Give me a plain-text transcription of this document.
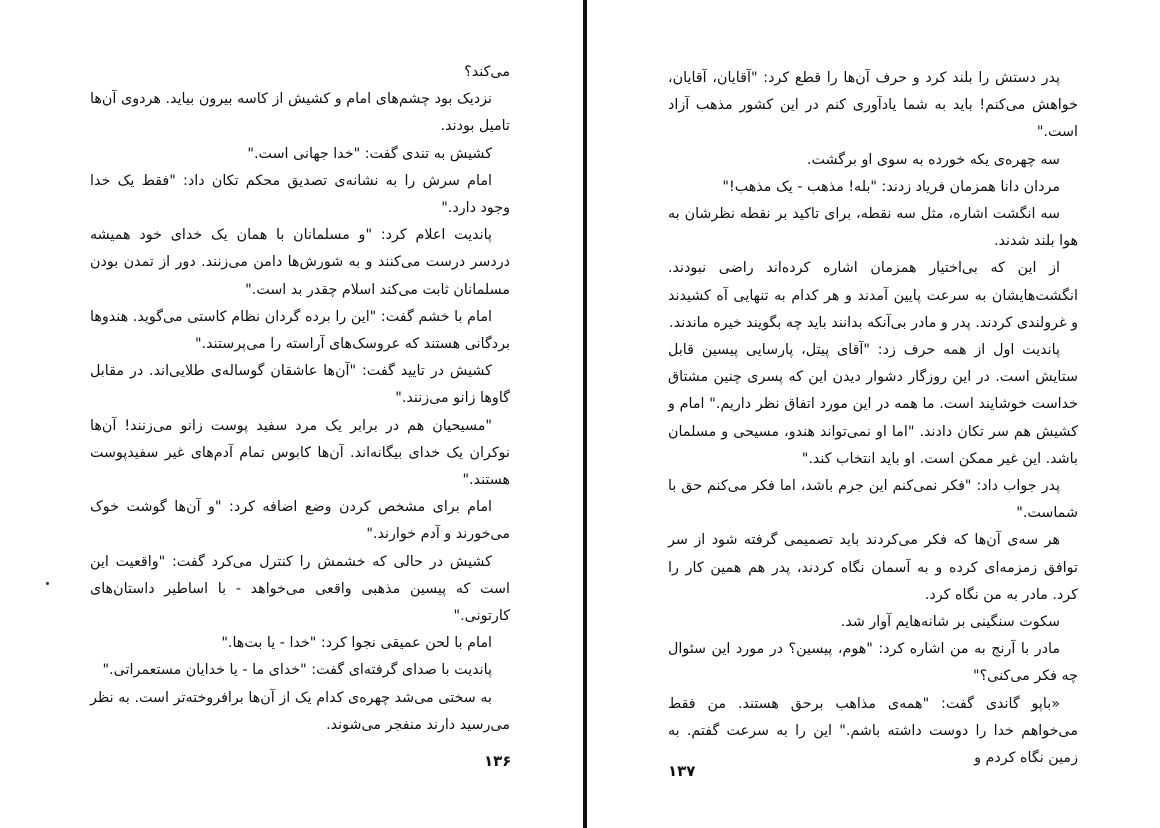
می‌کند؟

نزدیک بود چشم‌های امام و کشیش از کاسه بیرون بیاید. هردوی آن‌ها تامیل بودند.

کشیش به تندی گفت: "خدا جهانی است."

امام سرش را به نشانه‌ی تصدیق محکم تکان داد: "فقط یک خدا وجود دارد."

پاندیت اعلام کرد: "و مسلمانان با همان یک خدای خود همیشه دردسر درست می‌کنند و به شورش‌ها دامن می‌زنند. دور از تمدن بودن مسلمانان ثابت می‌کند اسلام چقدر بد است."

امام با خشم گفت: "این را برده گردان نظام کاستی می‌گوید. هندوها بردگانی هستند که عروسک‌های آراسته را می‌پرستند."

کشیش در تایید گفت: "آن‌ها عاشقان گوساله‌ی طلایی‌اند. در مقابل گاوها زانو می‌زنند."

"مسیحیان هم در برابر یک مرد سفید پوست زانو می‌زنند! آن‌ها نوکران یک خدای بیگانه‌اند. آن‌ها کابوس تمام آدم‌های غیر سفیدپوست هستند."

امام برای مشخص کردن وضع اضافه کرد: "و آن‌ها گوشت خوک می‌خورند و آدم خوارند."

کشیش در حالی که خشمش را کنترل می‌کرد گفت: "واقعیت این است که پیسین مذهبی واقعی می‌خواهد - با اساطیر داستان‌های کارتونی."

امام با لحن عمیقی نجوا کرد: "خدا - یا بت‌ها."

پاندیت با صدای گرفته‌ای گفت: "خدای ما - یا خدایان مستعمراتی."

به سختی می‌شد چهره‌ی کدام یک از آن‌ها برافروخته‌تر است. به نظر می‌رسید دارند منفجر می‌شوند.

۱۳۶

پدر دستش را بلند کرد و حرف آن‌ها را قطع کرد: "آقایان، آقایان، خواهش می‌کنم! باید به شما یادآوری کنم در این کشور مذهب آزاد است."

سه چهره‌ی یکه خورده به سوی او برگشت.

مردان دانا همزمان فریاد زدند: "بله! مذهب - یک مذهب!"

سه انگشت اشاره، مثل سه نقطه، برای تاکید بر نقطه نظرشان به هوا بلند شدند.

از این که بی‌اختیار همزمان اشاره کرده‌اند راضی نبودند. انگشت‌هایشان به سرعت پایین آمدند و هر کدام به تنهایی آه کشیدند و غرولندی کردند. پدر و مادر بی‌آنکه بدانند باید چه بگویند خیره ماندند.

پاندیت اول از همه حرف زد: "آقای پیتل، پارسایی پیسین قابل ستایش است. در این روزگار دشوار دیدن این که پسری چنین مشتاق خداست خوشایند است. ما همه در این مورد اتفاق نظر داریم." امام و کشیش هم سر تکان دادند. "اما او نمی‌تواند هندو، مسیحی و مسلمان باشد. این غیر ممکن است. او باید انتخاب کند."

پدر جواب داد: "فکر نمی‌کنم این جرم باشد، اما فکر می‌کنم حق با شماست."

هر سه‌ی آن‌ها که فکر می‌کردند باید تصمیمی گرفته شود از سر توافق زمزمه‌ای کرده و به آسمان نگاه کردند، پدر هم همین کار را کرد. مادر به من نگاه کرد.

سکوت سنگینی بر شانه‌هایم آوار شد.

مادر با آرنج به من اشاره کرد: "هوم، پیسین؟ در مورد این سئوال چه فکر می‌کنی؟"

«باپو گاندی گفت: "همه‌ی مذاهب برحق هستند. من فقط می‌خواهم خدا را دوست داشته باشم." این را به سرعت گفتم. به زمین نگاه کردم و

۱۳۷
